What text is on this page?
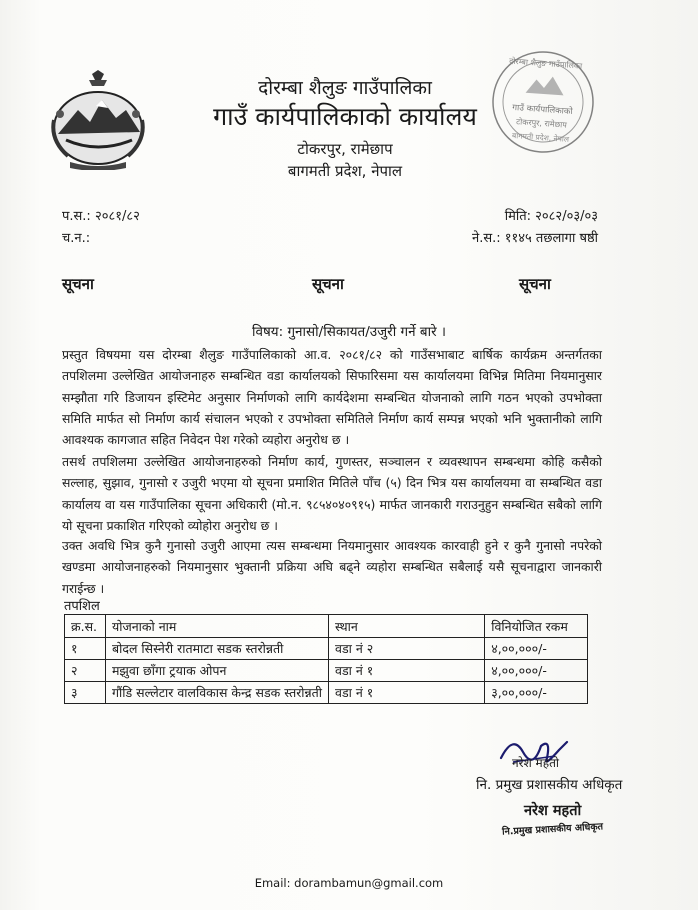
दोरम्बा शैलुङ गाउँपालिका
गाउँ कार्यपालिकाको
टोकरपुर, रामेछाप
बागमती प्रदेश, नेपाल
दोरम्बा शैलुङ गाउँपालिका
गाउँ कार्यपालिकाको कार्यालय
टोकरपुर, रामेछाप
बागमती प्रदेश, नेपाल
प.स.: २०८१/८२
च.न.:
मिति: २०८२/०३/०३
ने.स.: ११४५ तछलागा षष्ठी
सूचना	सूचना	सूचना
विषय: गुनासो/सिकायत/उजुरी गर्ने बारे ।
प्रस्तुत विषयमा यस दोरम्बा शैलुङ गाउँपालिकाको आ.व. २०८१/८२ को गाउँसभाबाट बार्षिक कार्यक्रम अन्तर्गतका तपशिलमा उल्लेखित आयोजनाहरु सम्बन्धित वडा कार्यालयको सिफारिसमा यस कार्यालयमा विभिन्न मितिमा नियमानुसार सम्झौता गरि डिजायन इस्टिमेट अनुसार निर्माणको लागि कार्यदेशमा सम्बन्धित योजनाको लागि गठन भएको उपभोक्ता समिति मार्फत सो निर्माण कार्य संचालन भएको र उपभोक्ता समितिले निर्माण कार्य सम्पन्न भएको भनि भुक्तानीको लागि आवश्यक कागजात सहित निवेदन पेश गरेको व्यहोरा अनुरोध छ ।
तसर्थ तपशिलमा उल्लेखित आयोजनाहरुको निर्माण कार्य, गुणस्तर, सञ्चालन र व्यवस्थापन सम्बन्धमा कोहि कसैको सल्लाह, सुझाव, गुनासो र उजुरी भएमा यो सूचना प्रमाशित मितिले पाँच (५) दिन भित्र यस कार्यालयमा वा सम्बन्धित वडा कार्यालय वा यस गाउँपालिका सूचना अधिकारी (मो.न. ९८५४०४०९१५) मार्फत जानकारी गराउनुहुन सम्बन्धित सबैको लागि यो सूचना प्रकाशित गरिएको व्योहोरा अनुरोध छ ।
उक्त अवधि भित्र कुनै गुनासो उजुरी आएमा त्यस सम्बन्धमा नियमानुसार आवश्यक कारवाही हुने र कुनै गुनासो नपरेको खण्डमा आयोजनाहरुको नियमानुसार भुक्तानी प्रक्रिया अघि बढ्ने व्यहोरा सम्बन्धित सबैलाई यसै सूचनाद्वारा जानकारी गराईन्छ ।
तपशिल
क्र.स.	योजनाको नाम	स्थान	विनियोजित रकम
१	बोदल सिस्नेरी रातमाटा सडक स्तरोन्नती	वडा नं २	४,००,०००/-
२	मझुवा छाँगा ट्रयाक ओपन	वडा नं १	४,००,०००/-
३	गौंडि सल्लेटार वालविकास केन्द्र सडक स्तरोन्नती	वडा नं १	३,००,०००/-
नरेश महतो
नि. प्रमुख प्रशासकीय अधिकृत
नरेश महतो
नि.प्रमुख प्रशासकीय अधिकृत
Email: dorambamun@gmail.com
